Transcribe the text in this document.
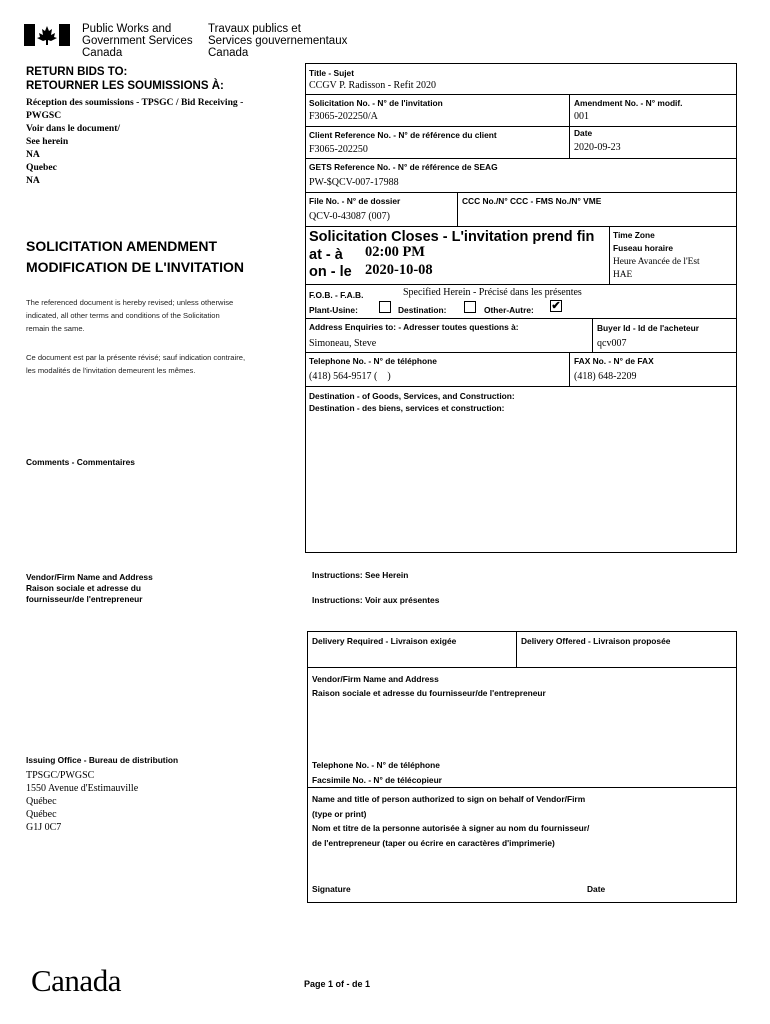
Public Works and
Government Services
Canada
Travaux publics et
Services gouvernementaux
Canada
RETURN BIDS TO:
RETOURNER LES SOUMISSIONS À:
Réception des soumissions - TPSGC / Bid Receiving -
PWGSC
Voir dans le document/
See herein
NA
Quebec
NA
SOLICITATION AMENDMENT
MODIFICATION DE L'INVITATION
The referenced document is hereby revised; unless otherwise
indicated, all other terms and conditions of the Solicitation
remain the same.
Ce document est par la présente révisé; sauf indication contraire,
les modalités de l'invitation demeurent les mêmes.
Comments - Commentaires
Vendor/Firm Name and Address
Raison sociale et adresse du
fournisseur/de l'entrepreneur
Issuing Office - Bureau de distribution
TPSGC/PWGSC
1550 Avenue d'Estimauville
Québec
Québec
G1J 0C7
Title - Sujet
CCGV P. Radisson - Refit 2020
Solicitation No. - N° de l'invitation
F3065-202250/A
Amendment No. - N° modif.
001
Client Reference No. - N° de référence du client
F3065-202250
Date
2020-09-23
GETS Reference No. - N° de référence de SEAG
PW-$QCV-007-17988
File No. - N° de dossier
QCV-0-43087 (007)
CCC No./N° CCC - FMS No./N° VME
Solicitation Closes - L'invitation prend fin
at - à 02:00 PM
on - le 2020-10-08
Time Zone
Fuseau horaire
Heure Avancée de l'Est
HAE
F.O.B. - F.A.B.	Specified Herein - Précisé dans les présentes
Plant-Usine:	Destination:	Other-Autre: ✔
Address Enquiries to: - Adresser toutes questions à:
Simoneau, Steve
Buyer Id - Id de l'acheteur
qcv007
Telephone No. - N° de téléphone
(418) 564-9517 (    )
FAX No. - N° de FAX
(418) 648-2209
Destination - of Goods, Services, and Construction:
Destination - des biens, services et construction:
Instructions: See Herein
Instructions: Voir aux présentes
Delivery Required - Livraison exigée	Delivery Offered - Livraison proposée
Vendor/Firm Name and Address
Raison sociale et adresse du fournisseur/de l'entrepreneur
Telephone No. - N° de téléphone
Facsimile No. - N° de télécopieur
Name and title of person authorized to sign on behalf of Vendor/Firm
(type or print)
Nom et titre de la personne autorisée à signer au nom du fournisseur/
de l'entrepreneur (taper ou écrire en caractères d'imprimerie)
Signature	Date
Canada	Page 1 of - de 1
